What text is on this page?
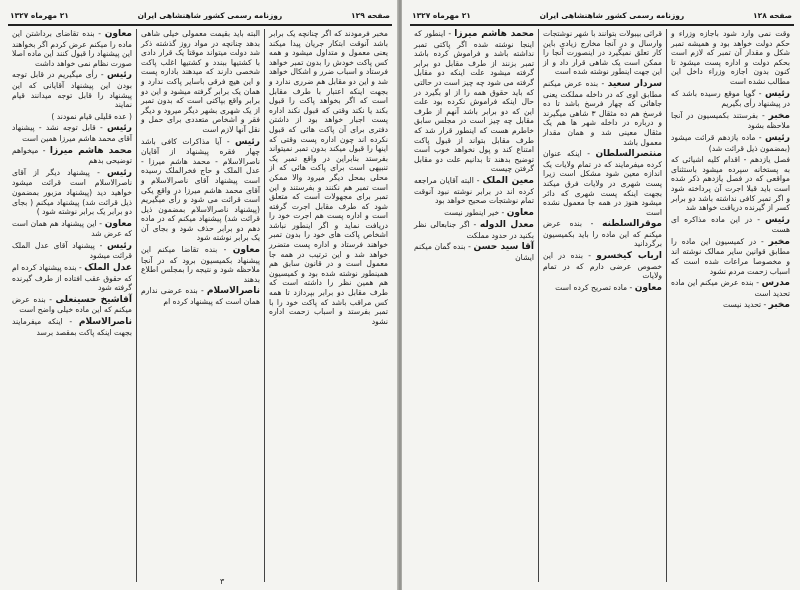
صفحه ۱۲۹
روزنامه رسمی کشور شاهنشاهی ایران
۲۱ مهرماه ۱۳۲۷

مخبر فرمودند که اگر چنانچه یک برابر باشد آنوقت ابتکار جریان پیدا میکند یعنی معمول و متداول میشود و همه کس پاکت خودش را بدون تمبر خواهد فرستاد و اسباب ضرر و اشکال خواهد شد و این دو مقابل هم ضرری ندارد و بجهت اینکه اعتبار با طرف مقابل است که اگر بخواهد پاکت را قبول بکند یا نکند وقتی که قبول نکند اداره پست اجبار خواهد بود از داشتن دفتری برای آن پاکت هائی که قبول نکرده اند چون اداره پست وقتی که اینها را قبول میکند بدون تمبر نمیتواند بفرستد بنابراین در واقع تمبر یک تنبیهی است برای پاکت هائی که از محلی بمحل دیگر میرود والا ممکن است تمبر هم نکنند و بفرستند و این تمبر برای مجهولات است که متعلق شود که طرف مقابل اجرت گرفته است و اداره پست هم اجرت خود را دریافت نماید و اگر اینطور نباشد اشخاص پاکت های خود را بدون تمبر خواهند فرستاد و اداره پست متضرر خواهد شد و این ترتیب در همه جا معمول است و در قانون سابق هم همینطور نوشته شده بود و کمیسیون هم همین نظر را داشته است که طرف مقابل دو برابر بپردازد تا همه کس مراقب باشد که پاکت خود را با تمبر بفرستد و اسباب زحمت اداره نشود

البته باید بقیمت معمولی خیلی شاهی بدهد چنانچه در مواد روز گذشته ذکر شد دولت میتواند موقتا یک قرار دادی با کشتیها ببندد و کشتیها اغلب پاکت شخصی دارند که میدهند باداره پست و این هیچ فرقی باسایر پاکت ندارد و همان یک برابر گرفته میشود و این دو برابر واقع بپاکتی است که بدون تمبر از یک شهری بشهر دیگر میرود و دیگر فقر و اشخاص متعددی برای حمل و نقل آنها لازم است

رئیس - آیا مذاکرات کافی باشد چهار فقره پیشنهاد از آقایان ناصرالاسلام - محمد هاشم میرزا - عدل الملک و حاج فخرالملک رسیده است پیشنهاد آقای ناصرالاسلام و آقای محمد هاشم میرزا در واقع یکی است قرائت می شود و رأی میگیریم (پیشنهاد ناصرالاسلام بمضمون ذیل قرائت شد) پیشنهاد میکنم که در ماده دهم دو برابر حذف شود و بجای آن یک برابر نوشته شود

معاون - بنده تقاضا میکنم این پیشنهاد بکمیسیون برود که در آنجا ملاحظه شود و نتیجه را بمجلس اطلاع بدهند

ناصرالاسلام - بنده عرضی ندارم همان است که پیشنهاد کرده ام

معاون - بنده تقاضای برداشتن این ماده را میکنم عرض کردم اگر بخواهند این پیشنهاد را قبول کنند این ماده اصلا صورت نظام نمی خواهد داشت

رئیس - رأی میگیریم در قابل توجه بودن این پیشنهاد آقایانی که این پیشنهاد را قابل توجه میدانند قیام نمایند

( عده قلیلی قیام نمودند )

رئیس - قابل توجه نشد - پیشنهاد آقای محمد هاشم میرزا همین است

محمد هاشم میرزا - میخواهم توضیحی بدهم

رئیس - پیشنهاد دیگر از آقای ناصرالاسلام است قرائت میشود خواهید دید (پیشنهاد مزبور بمضمون ذیل قرائت شد) پیشنهاد میکنم ( بجای دو برابر یک برابر نوشته شود )

معاون - این پیشنهاد هم همان است که عرض شد

رئیس - پیشنهاد آقای عدل الملک قرائت میشود

عدل الملک - بنده پیشنهاد کرده ام که حقوق عقب افتاده از طرف گیرنده گرفته شود

آقاشیخ حسینعلی - بنده عرض میکنم که این ماده خیلی واضح است

ناصرالاسلام - اینکه میفرمایند بجهت اینکه پاکت بمقصد برسد

۳
صفحه ۱۲۸
روزنامه رسمی کشور شاهنشاهی ایران
۲۱ مهرماه ۱۳۲۷

وقت نمی وارد شود باجازه وزراء و حکم دولت خواهد بود و همیشه تمبر شکل و مقدار آن تمبر که لازم است بحکم دولت و اداره پست میشود تا کنون بدون اجازه وزراء داخل این مطالب نشده است

رئیس - گویا موقع رسیده باشد که در پیشنهاد رأی بگیریم

مخبر - بفرستند بکمیسیون در آنجا ملاحظه بشود

رئیس - ماده یازدهم قرائت میشود (بمضمون ذیل قرائت شد)

فصل یازدهم - اقدام کلیه اشیائی که به پستخانه سپرده میشود باستثنای مواقعی که در فصل یازدهم ذکر شده است باید قبلا اجرت آن پرداخته شود و اگر تمبر کافی نداشته باشد دو برابر کسر از گیرنده دریافت خواهد شد

رئیس - در این ماده مذاکره ای هست

مخبر - در کمیسیون این ماده را مطابق قوانین سایر ممالک نوشته اند و مخصوصا مراعات شده است که اسباب زحمت مردم نشود

مدرس - بنده عرض میکنم این ماده تحدید است

مخبر - تحدید نیست

قرائی بیبولات بتوانند با شهر نوشتجات وارسال و در آنجا مخارج زیادی باین کار تعلق نمیگیرد در اینصورت آنجا را ممکن است یک شاهی قرار داد و از این جهت اینطور نوشته شده است

سردار سعید - بنده عرض میکنم مطابق اوی که در داخله مملکت یعنی جاهائی که چهار فرسخ باشد تا ده فرسخ هم ده مثقال ۳ شاهی میگیرند و درباره در داخله شهر ها هم یک مثقال معینی شد و همان مقدار معمول باشد

منتصرالسلطان - اینکه عنوان کرده میفرمایند که در تمام ولایات یک اندازه معین شود مشکل است زیرا پست شهری در ولایات فرق میکند بجهت اینکه پست شهری که دائر میشود هنوز در همه جا معمول نشده است

موقرالسلطنه - بنده عرض میکنم که این ماده را باید بکمیسیون برگردانید

ارباب کیخسرو - بنده در این خصوص عرضی دارم که در تمام ولایات

معاون - ماده تصریح کرده است

محمد هاشم میرزا - اینطور که اینجا نوشته شده اگر پاکتی تمبر نداشته باشد و فراموش کرده باشد تمبر بزنند از طرف مقابل دو برابر گرفته میشود علت اینکه دو مقابل گرفته می شود چه چیز است در حالتی که باید حقوق همه را از او بگیرد در حال اینکه فراموش نکرده بود علت این که دو برابر باشد آنهم از طرف مقابل چه چیز است در مجلس سابق خاطرم هست که اینطور قرار شد که طرف مقابل بتواند از قبول پاکت امتناع کند و پول نخواهد خوب است توضیح بدهند تا بدانیم علت دو مقابل گرفتن چیست

معین الملک - البته آقایان مراجعه کرده اند در برابر نوشته نبود آنوقت تمام نوشتجات صحیح خواهد بود

معاون - خیر اینطور نیست

معدل الدوله - اگر جنابعالی نظر بکنید در حدود مملکت

آقا سید حسن - بنده گمان میکنم ایشان
